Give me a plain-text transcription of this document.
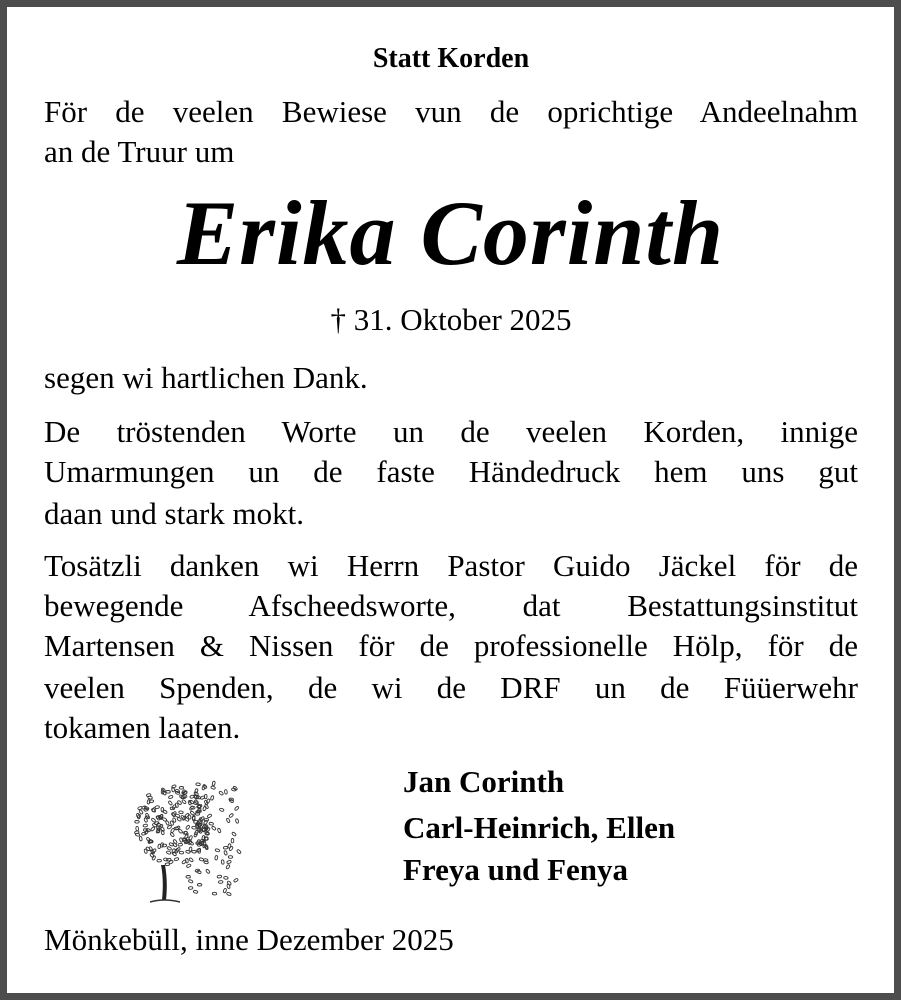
Statt Korden
För de veelen Bewiese vun de oprichtige Andeelnahm
an de Truur um
Erika Corinth
† 31. Oktober 2025
segen wi hartlichen Dank.
De tröstenden Worte un de veelen Korden, innige
Umarmungen un de faste Händedruck hem uns gut
daan und stark mokt.
Tosätzli danken wi Herrn Pastor Guido Jäckel för de
bewegende Afscheedsworte, dat Bestattungsinstitut
Martensen & Nissen för de professionelle Hölp, för de
veelen Spenden, de wi de DRF un de Füüerwehr
tokamen laaten.
Jan Corinth
Carl-Heinrich, Ellen
Freya und Fenya
Mönkebüll, inne Dezember 2025
